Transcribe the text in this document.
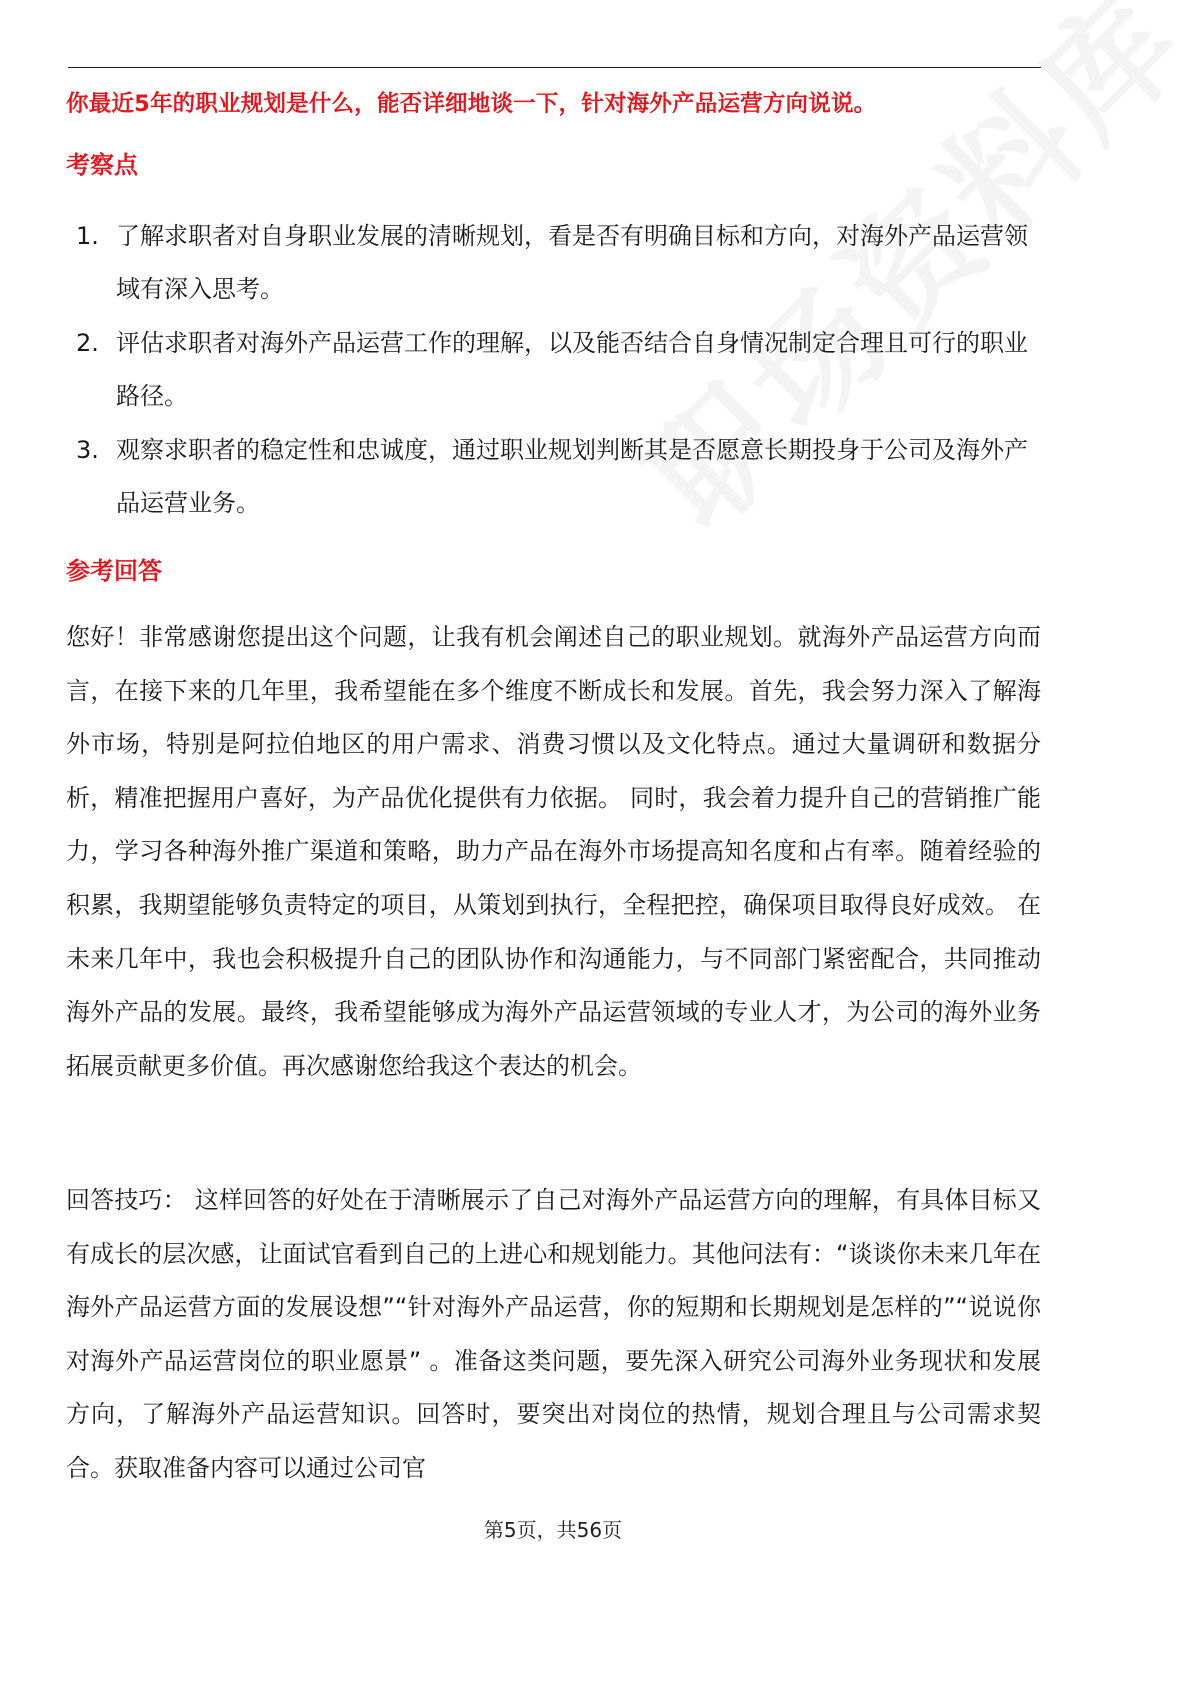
你最近5年的职业规划是什么，能否详细地谈一下，针对海外产品运营方向说说。
考察点
1. 了解求职者对自身职业发展的清晰规划，看是否有明确目标和方向，对海外产品运营领域有深入思考。
2. 评估求职者对海外产品运营工作的理解，以及能否结合自身情况制定合理且可行的职业路径。
3. 观察求职者的稳定性和忠诚度，通过职业规划判断其是否愿意长期投身于公司及海外产品运营业务。
参考回答

您好！非常感谢您提出这个问题，让我有机会阐述自己的职业规划。就海外产品运营方向而言，在接下来的几年里，我希望能在多个维度不断成长和发展。首先，我会努力深入了解海外市场，特别是阿拉伯地区的用户需求、消费习惯以及文化特点。通过大量调研和数据分析，精准把握用户喜好，为产品优化提供有力依据。 同时，我会着力提升自己的营销推广能力，学习各种海外推广渠道和策略，助力产品在海外市场提高知名度和占有率。随着经验的积累，我期望能够负责特定的项目，从策划到执行，全程把控，确保项目取得良好成效。 在未来几年中，我也会积极提升自己的团队协作和沟通能力，与不同部门紧密配合，共同推动海外产品的发展。最终，我希望能够成为海外产品运营领域的专业人才，为公司的海外业务拓展贡献更多价值。再次感谢您给我这个表达的机会。

回答技巧： 这样回答的好处在于清晰展示了自己对海外产品运营方向的理解，有具体目标又有成长的层次感，让面试官看到自己的上进心和规划能力。其他问法有：“谈谈你未来几年在海外产品运营方面的发展设想”“针对海外产品运营，你的短期和长期规划是怎样的”“说说你对海外产品运营岗位的职业愿景” 。准备这类问题，要先深入研究公司海外业务现状和发展方向，了解海外产品运营知识。回答时，要突出对岗位的热情，规划合理且与公司需求契合。获取准备内容可以通过公司官

第5页，共56页
